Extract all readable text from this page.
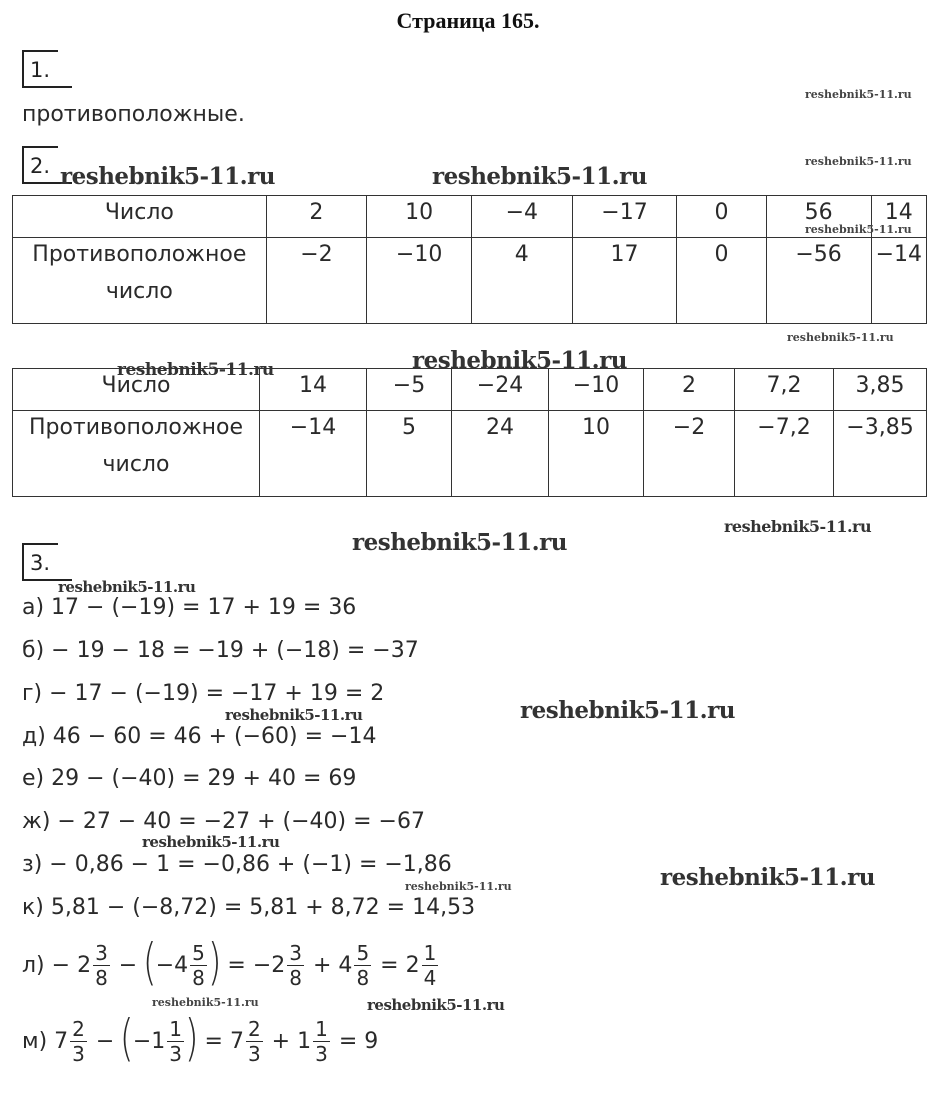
Страница 165.
1.
противоположные.
2.
Число	2	10	−4	−17	0	56	14

Противоположное
число	−2	−10	4	17	0	−56	−14
Число	14	−5	−24	−10	2	7,2	3,85

Противоположное
число	−14	5	24	10	−2	−7,2	−3,85
3.
а) 17 − (−19) = 17 + 19 = 36
б) − 19 − 18 = −19 + (−18) = −37
г) − 17 − (−19) = −17 + 19 = 2
д) 46 − 60 = 46 + (−60) = −14
е) 29 − (−40) = 29 + 40 = 69
ж) − 27 − 40 = −27 + (−40) = −67
з) − 0,86 − 1 = −0,86 + (−1) = −1,86
к) 5,81 − (−8,72) = 5,81 + 8,72 = 14,53
$л) - 2 \frac{3}{8}$ −
(
$-4 \frac{5}{8}$ )
= $-2 \frac{3}{8} + 4 \frac{5}{8} = 2 \frac{1}{4}$
м) $7 \frac{2}{3}$ −
(
$-1 \frac{1}{3}$ )
= $7 \frac{2}{3} + 1 \frac{1}{3} = 9$
reshebnik5-11.ru
reshebnik5-11.ru
reshebnik5-11.ru	reshebnik5-11.ru
reshebnik5-11.ru
reshebnik5-11.ru
reshebnik5-11.ru
reshebnik5-11.ru
reshebnik5-11.ru
reshebnik5-11.ru
reshebnik5-11.ru
reshebnik5-11.ru
reshebnik5-11.ru
reshebnik5-11.ru
reshebnik5-11.ru
reshebnik5-11.ru
reshebnik5-11.ru	reshebnik5-11.ru
